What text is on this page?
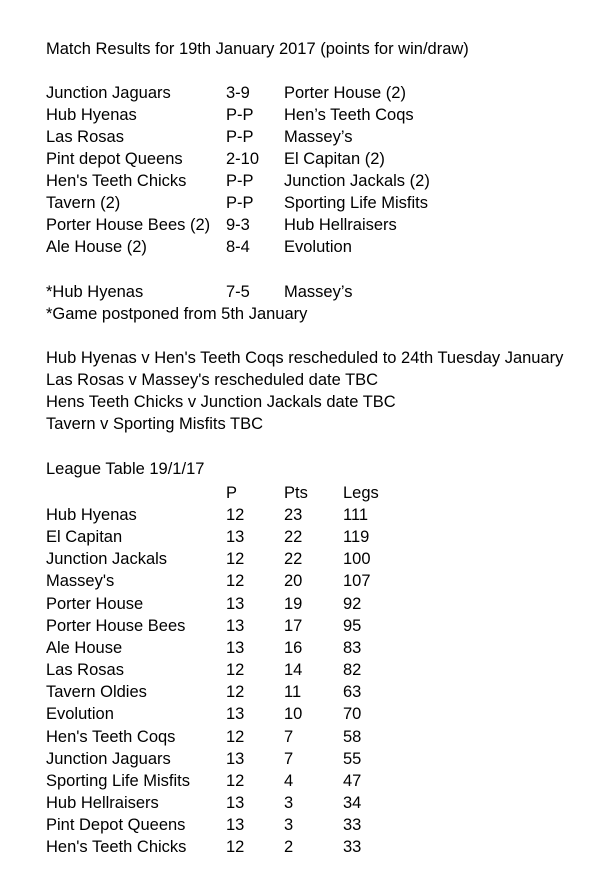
Match Results for 19th January 2017 (points for win/draw)
Junction Jaguars	3-9 Porter House (2)
Hub Hyenas	P-P Hen’s Teeth Coqs
Las Rosas	P-P Massey’s
Pint depot Queens	2-10 El Capitan (2)
Hen's Teeth Chicks P-P Junction Jackals (2)
Tavern (2)	P-P Sporting Life Misfits
Porter House Bees (2) 9-3 Hub Hellraisers
Ale House (2)	8-4 Evolution
*Hub Hyenas	7-5 Massey’s
*Game postponed from 5th January
Hub Hyenas v Hen's Teeth Coqs rescheduled to 24th Tuesday January
Las Rosas v Massey's rescheduled date TBC
Hens Teeth Chicks v Junction Jackals date TBC
Tavern v Sporting Misfits TBC
League Table 19/1/17
P	Pts Legs
Hub Hyenas	12 23 111
El Capitan	13 22 119
Junction Jackals	12 22 100
Massey's	12 20 107
Porter House	13 19 92
Porter House Bees 13 17 95
Ale House	13 16 83
Las Rosas	12 14 82
Tavern Oldies	12 11	63
Evolution	13 10 70
Hen's Teeth Coqs	12 7	58
Junction Jaguars	13 7	55
Sporting Life Misfits 12 4	47
Hub Hellraisers	13 3	34
Pint Depot Queens 13 3	33
Hen's Teeth Chicks 12 2	33
